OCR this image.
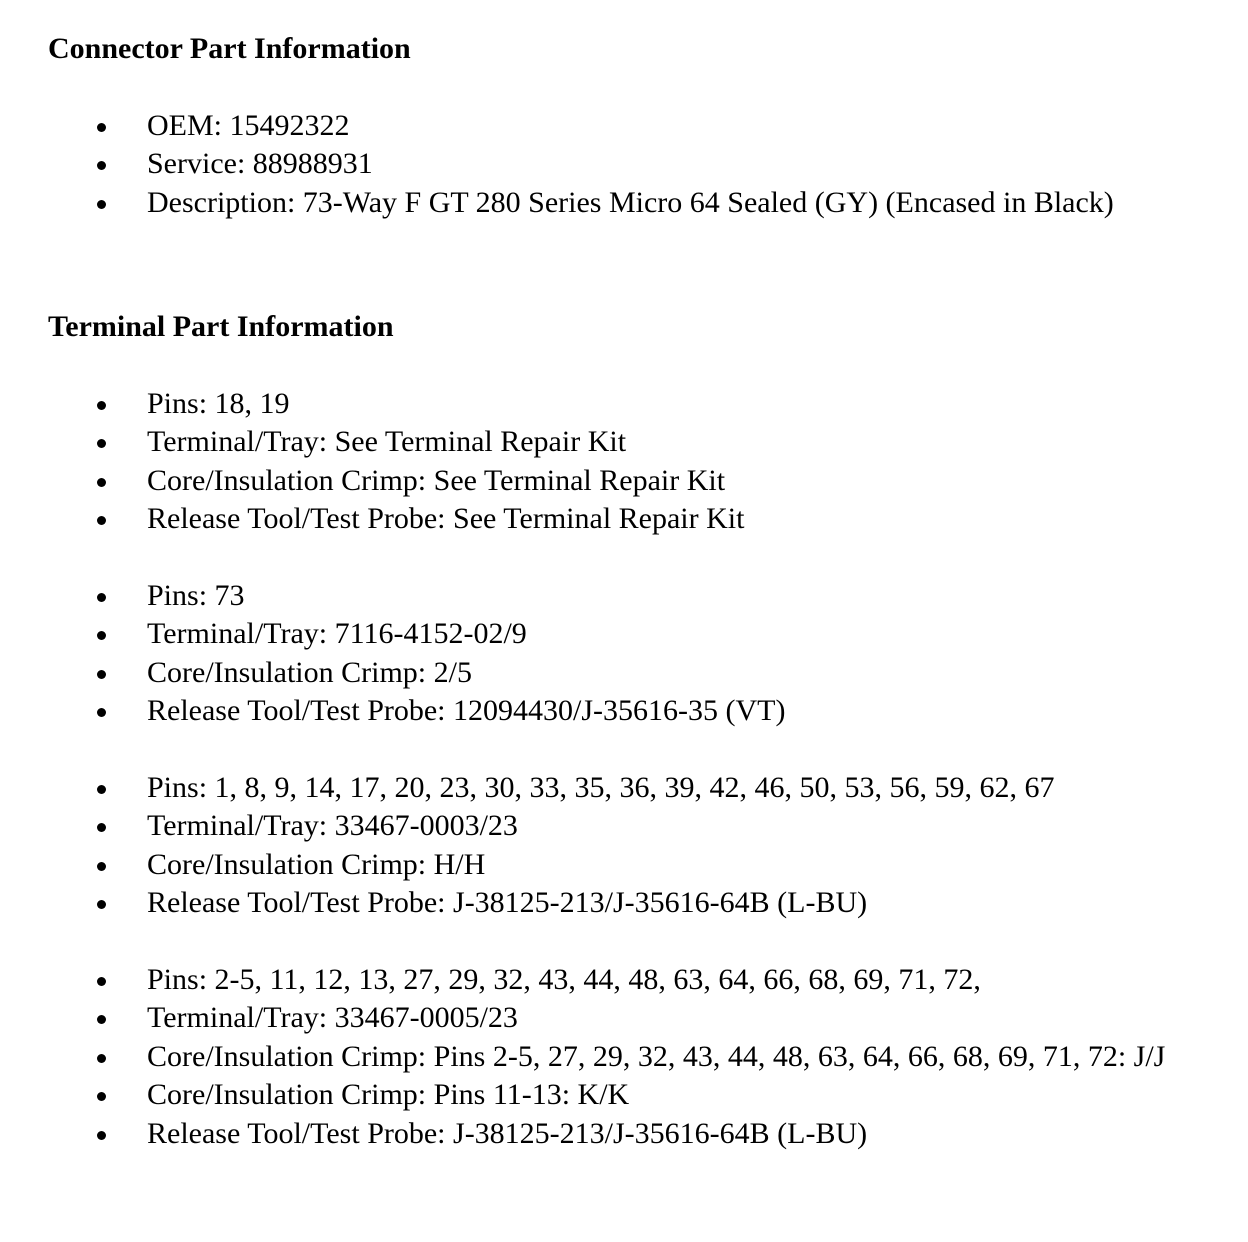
Connector Part Information
OEM: 15492322
Service: 88988931
Description: 73-Way F GT 280 Series Micro 64 Sealed (GY) (Encased in Black)
Terminal Part Information
Pins: 18, 19
Terminal/Tray: See Terminal Repair Kit
Core/Insulation Crimp: See Terminal Repair Kit
Release Tool/Test Probe: See Terminal Repair Kit
Pins: 73
Terminal/Tray: 7116-4152-02/9
Core/Insulation Crimp: 2/5
Release Tool/Test Probe: 12094430/J-35616-35 (VT)
Pins: 1, 8, 9, 14, 17, 20, 23, 30, 33, 35, 36, 39, 42, 46, 50, 53, 56, 59, 62, 67
Terminal/Tray: 33467-0003/23
Core/Insulation Crimp: H/H
Release Tool/Test Probe: J-38125-213/J-35616-64B (L-BU)
Pins: 2-5, 11, 12, 13, 27, 29, 32, 43, 44, 48, 63, 64, 66, 68, 69, 71, 72,
Terminal/Tray: 33467-0005/23
Core/Insulation Crimp: Pins 2-5, 27, 29, 32, 43, 44, 48, 63, 64, 66, 68, 69, 71, 72: J/J
Core/Insulation Crimp: Pins 11-13: K/K
Release Tool/Test Probe: J-38125-213/J-35616-64B (L-BU)
